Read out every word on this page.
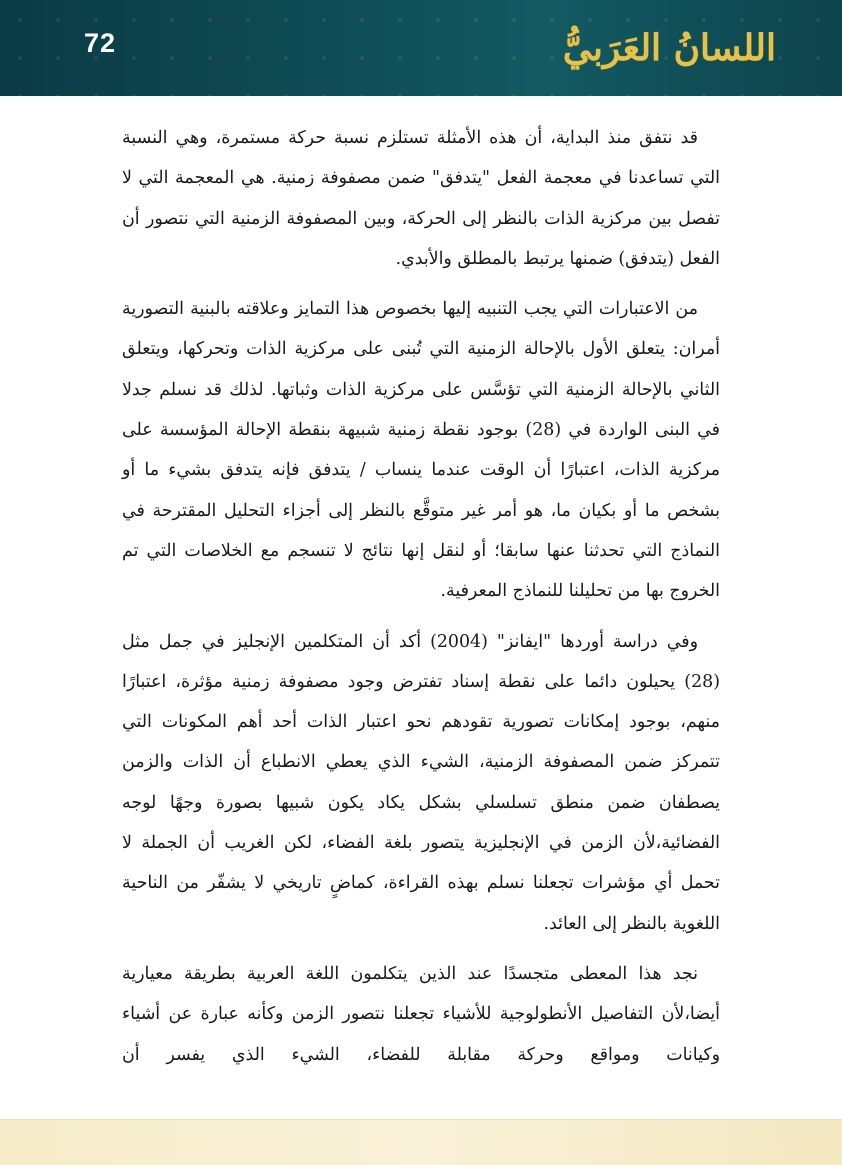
72	اللسانُ العَرَبيُّ

قد نتفق منذ البداية، أن هذه الأمثلة تستلزم نسبة حركة مستمرة، وهي النسبة التي تساعدنا في معجمة الفعل "يتدفق" ضمن مصفوفة زمنية. هي المعجمة التي لا تفصل بين مركزية الذات بالنظر إلى الحركة، وبين المصفوفة الزمنية التي نتصور أن الفعل (يتدفق) ضمنها يرتبط بالمطلق والأبدي.

من الاعتبارات التي يجب التنبيه إليها بخصوص هذا التمايز وعلاقته بالبنية التصورية أمران: يتعلق الأول بالإحالة الزمنية التي تُبنى على مركزية الذات وتحركها، ويتعلق الثاني بالإحالة الزمنية التي تؤسَّس على مركزية الذات وثباتها. لذلك قد نسلم جدلا في البنى الواردة في (28) بوجود نقطة زمنية شبيهة بنقطة الإحالة المؤسسة على مركزية الذات، اعتبارًا أن الوقت عندما ينساب / يتدفق فإنه يتدفق بشيء ما أو بشخص ما أو بكيان ما، هو أمر غير متوقَّع بالنظر إلى أجزاء التحليل المقترحة في النماذج التي تحدثنا عنها سابقا؛ أو لنقل إنها نتائج لا تنسجم مع الخلاصات التي تم الخروج بها من تحليلنا للنماذج المعرفية.

وفي دراسة أوردها "ايفانز" (2004) أكد أن المتكلمين الإنجليز في جمل مثل (28) يحيلون دائما على نقطة إسناد تفترض وجود مصفوفة زمنية مؤثرة، اعتبارًا منهم، بوجود إمكانات تصورية تقودهم نحو اعتبار الذات أحد أهم المكونات التي تتمركز ضمن المصفوفة الزمنية، الشيء الذي يعطي الانطباع أن الذات والزمن يصطفان ضمن منطق تسلسلي بشكل يكاد يكون شبيها بصورة وجهًا لوجه الفضائية،لأن الزمن في الإنجليزية يتصور بلغة الفضاء، لكن الغريب أن الجملة لا تحمل أي مؤشرات تجعلنا نسلم بهذه القراءة، كماضٍ تاريخي لا يشفّر من الناحية اللغوية بالنظر إلى العائد.

نجد هذا المعطى متجسدًا عند الذين يتكلمون اللغة العربية بطريقة معيارية أيضا،لأن التفاصيل الأنطولوجية للأشياء تجعلنا نتصور الزمن وكأنه عبارة عن أشياء وكيانات ومواقع وحركة مقابلة للفضاء، الشيء الذي يفسر أن
